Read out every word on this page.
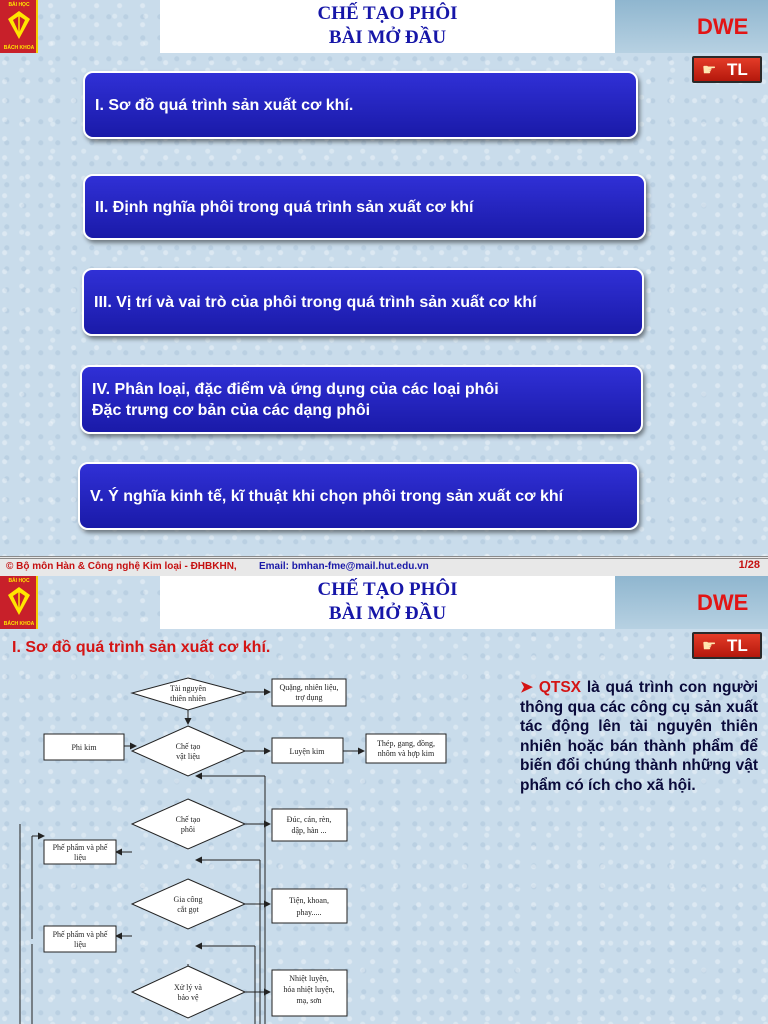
BẢI HỌC
BÁCH KHOA
CHẾ TẠO PHÔI
BÀI MỞ ĐẦU	DWE
☛ TL
I. Sơ đồ quá trình sản xuất cơ khí.
II. Định nghĩa phôi trong quá trình sản xuất cơ khí
III. Vị trí và vai trò của phôi trong quá trình sản xuất cơ khí
IV. Phân loại, đặc điểm và ứng dụng của các loại phôi
Đặc trưng cơ bản của các dạng phôi
V. Ý nghĩa kinh tế, kĩ thuật khi chọn phôi trong sản xuất cơ khí
© Bộ môn Hàn & Công nghệ Kim loại - ĐHBKHN, Email: bmhan-fme@mail.hut.edu.vn	1/28
BẢI HỌC
BÁCH KHOA
CHẾ TẠO PHÔI
BÀI MỞ ĐẦU	DWE
☛ TL
I. Sơ đồ quá trình sản xuất cơ khí.
Tài nguyên
thiên nhiên
Quặng, nhiên liệu,
trợ dụng
Chế tạo
vật liệu
Phi kim	Luyện kim
Thép, gang, đồng,
nhôm và hợp kim
Chế tạo
phôi
Đúc, cán, rèn,
dập, hàn ...
Phế phẩm và phế
liệu
Gia công
cắt gọt
Tiện, khoan,
phay.....
Phế phẩm và phế
liệu
Xử lý và
bảo vệ
Nhiệt luyện,
hóa nhiệt luyện,
mạ, sơn
➤ QTSX là quá trình con người thông qua các công cụ sản xuất tác động lên tài nguyên thiên nhiên hoặc bán thành phẩm để biến đổi chúng thành những vật phẩm có ích cho xã hội.
